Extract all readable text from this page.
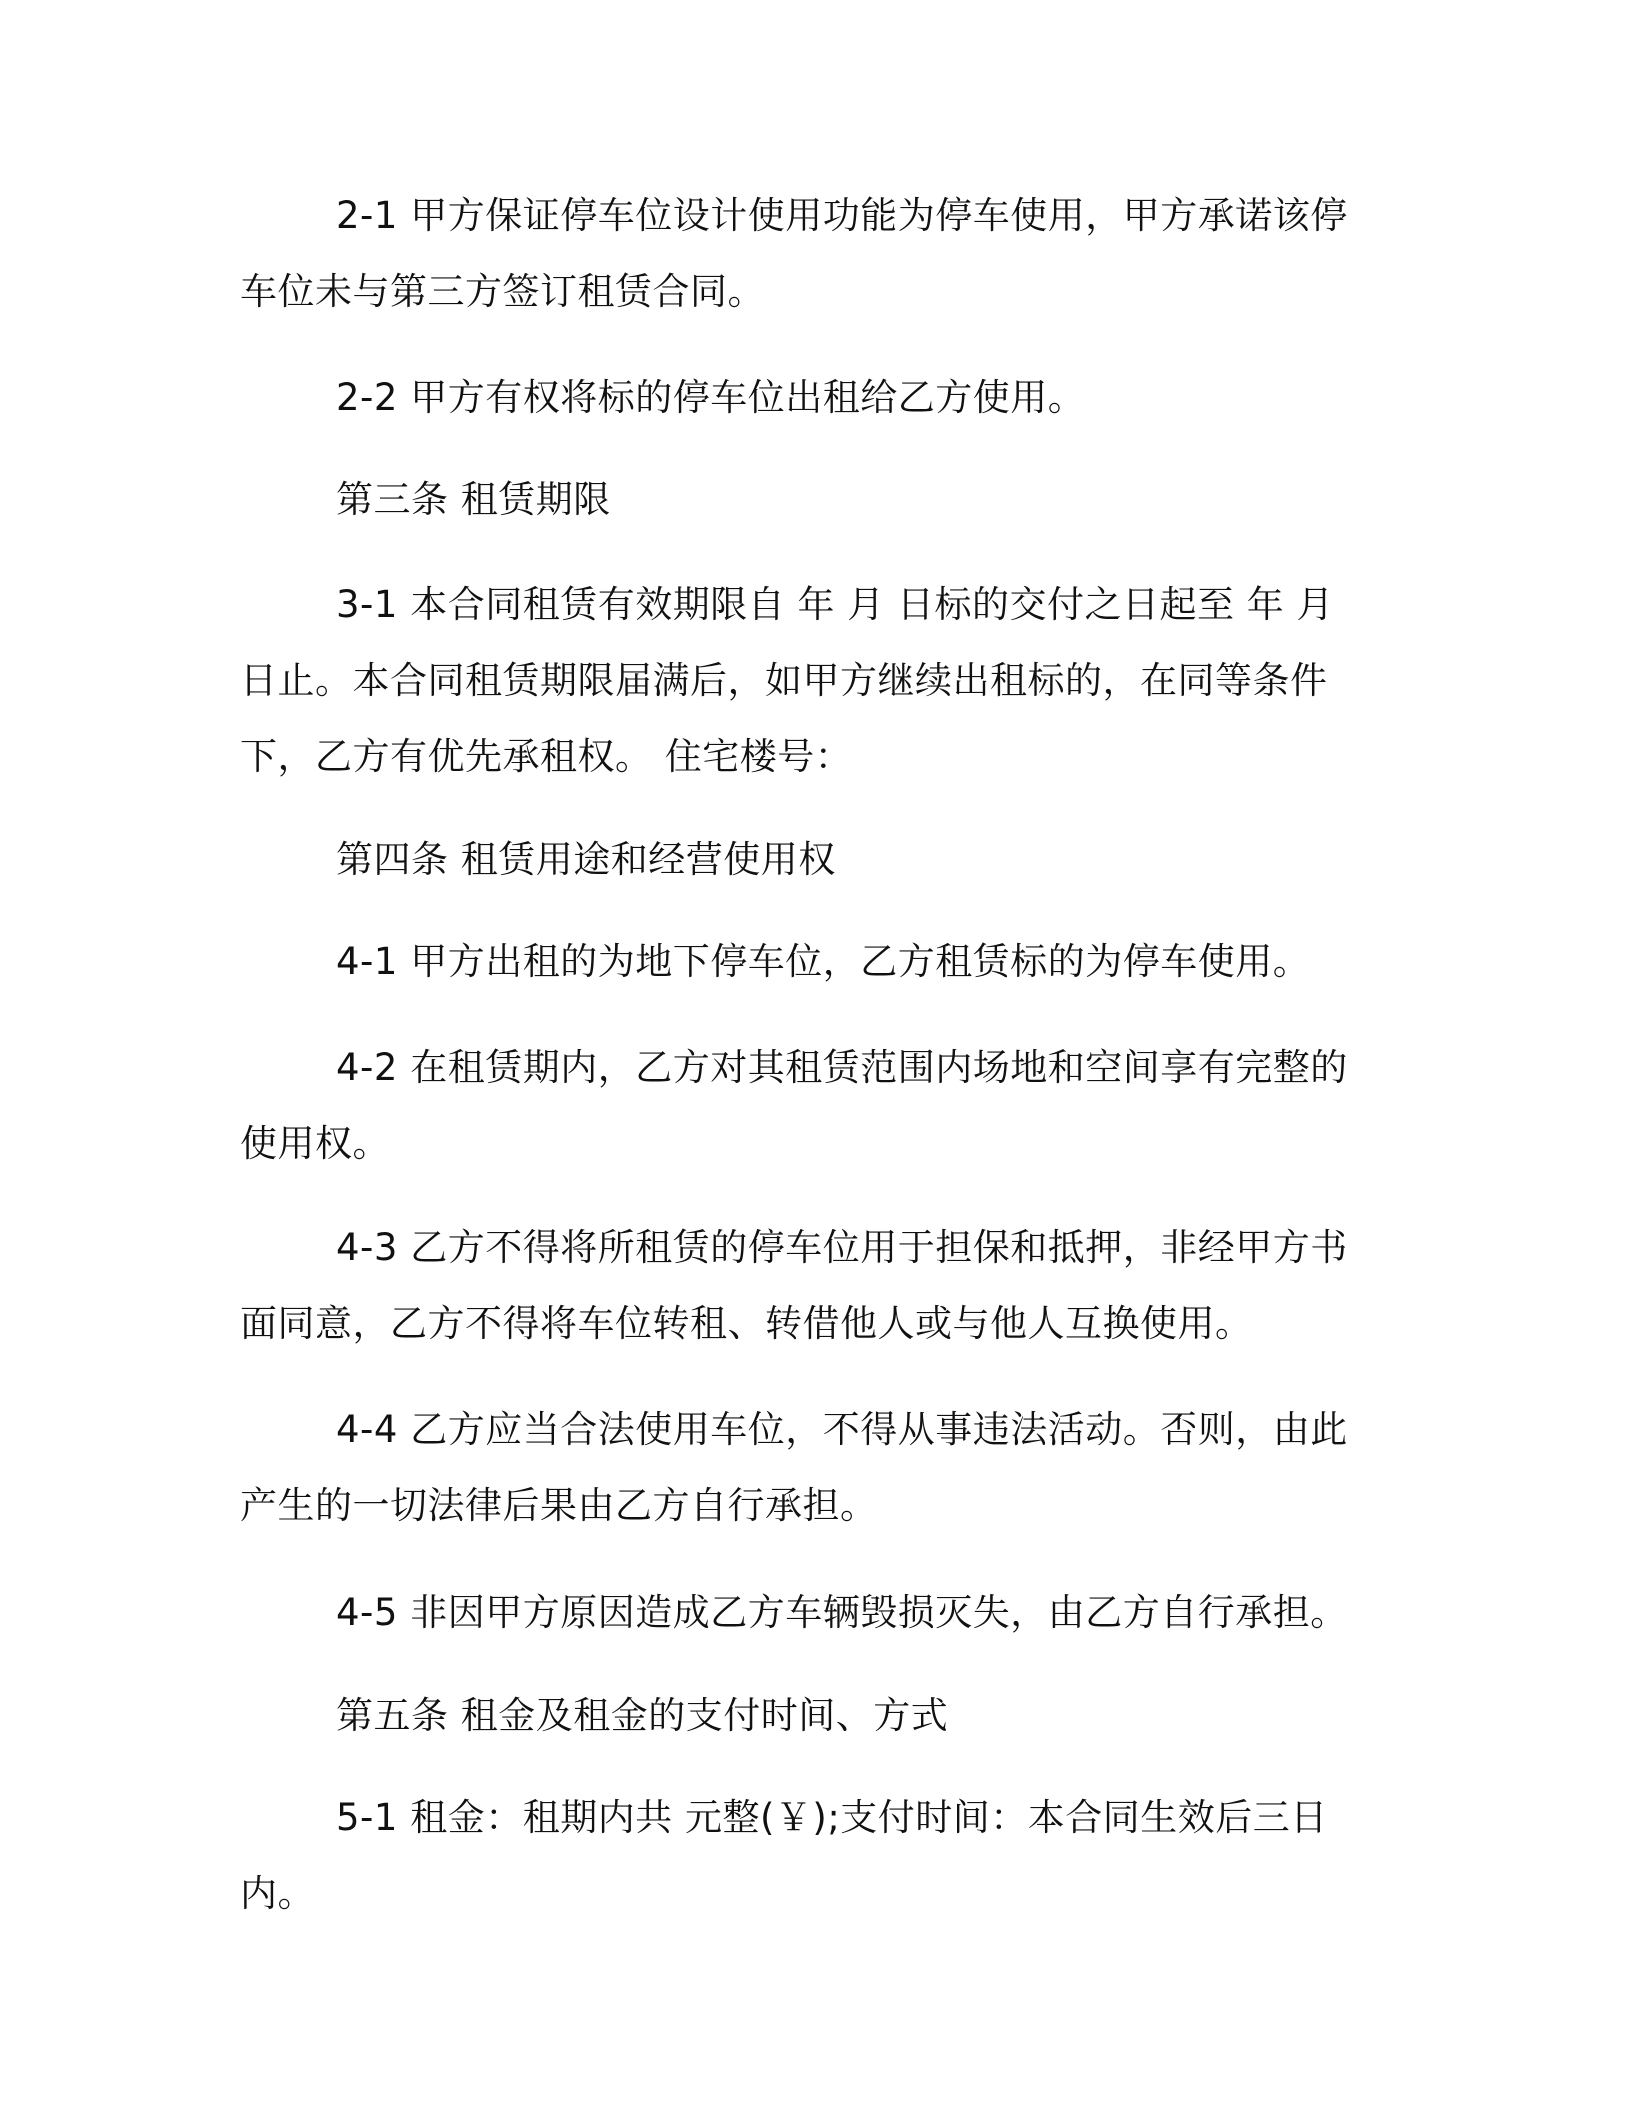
2-1 甲方保证停车位设计使用功能为停车使用，甲方承诺该停车位未与第三方签订租赁合同。

2-2 甲方有权将标的停车位出租给乙方使用。

第三条 租赁期限

3-1 本合同租赁有效期限自 年 月 日标的交付之日起至 年 月 日止。本合同租赁期限届满后，如甲方继续出租标的，在同等条件下，乙方有优先承租权。 住宅楼号：

第四条 租赁用途和经营使用权

4-1 甲方出租的为地下停车位，乙方租赁标的为停车使用。

4-2 在租赁期内，乙方对其租赁范围内场地和空间享有完整的使用权。

4-3 乙方不得将所租赁的停车位用于担保和抵押，非经甲方书面同意，乙方不得将车位转租、转借他人或与他人互换使用。

4-4 乙方应当合法使用车位，不得从事违法活动。否则，由此产生的一切法律后果由乙方自行承担。

4-5 非因甲方原因造成乙方车辆毁损灭失，由乙方自行承担。

第五条 租金及租金的支付时间、方式

5-1 租金：租期内共 元整(￥);支付时间：本合同生效后三日内。
